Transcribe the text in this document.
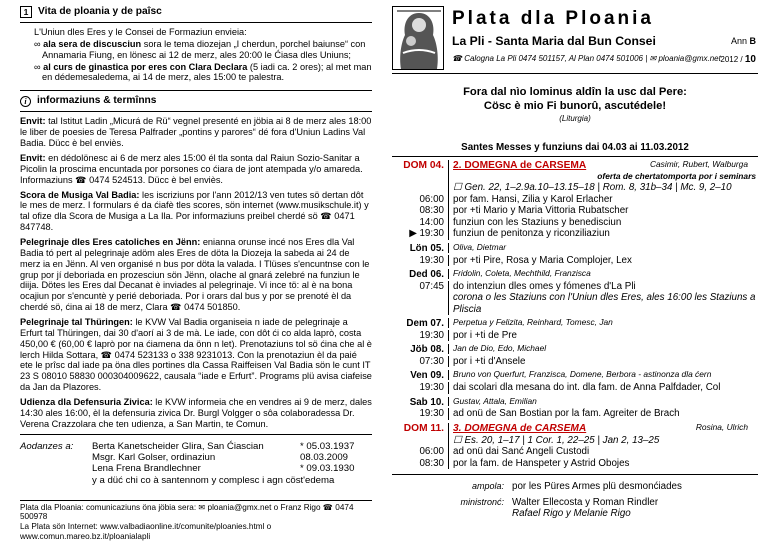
1 Vita de ploania y de paîsc
L'Uniun dles Eres y le Consei de Formaziun envieia:
∞ ala sera de discusciun sora le tema diozejan „I cherdun, porchel baiunse“ con Annamaria Fiung, en lönesc ai 12 de merz, ales 20:00 le Ćiasa dles Uniuns;
∞ al curs de ginastica por eres con Clara Declara (5 iadi ca. 2 ores); al met man en dédemesaledema, ai 14 de merz, ales 15:00 te palestra.
i	informaziuns & termînns
Envit: tal Istitut Ladin „Micurá de Rü“ vegnel presenté en jöbia ai 8 de merz ales 18:00 le liber de poesies de Teresa Palfrader „pontins y parores“ dé fora d'Uniun Ladins Val Badia. Dücc è bel enviès.
Envit: en dédolönesc ai 6 de merz ales 15:00 él tla sonta dal Raiun Sozio-Sanitar a Picolin la proscima encuntada por porsones co ćiara de jont atempada y/o amareda. Informaziuns ☎ 0474 524513. Dücc è bel enviès.
Scora de Musiga Val Badia: les iscriziuns por l'ann 2012/13 ven tutes sö dertan dôt le mes de merz. I formulars é da ćiafè tles scores, sön internet (www.musikschule.it) y tal ofize dla Scora de Musiga a La Ila. Por informaziuns preibel cherdé sö ☎ 0471 847748.
Pelegrinaje dles Eres catoliches en Jënn: enianna orunse incé nos Eres dla Val Badia tó pert al pelegrinaje adöm ales Eres de döta la Diozeja la sabeda ai 24 de merz ia en Jënn. Al ven organisé n bus por döta la valada. I Tlüses s'encuntnse con le grup por jí deboriada en prozesciun sön Jënn, olache al gnará zelebré na funziun le diija. Dötes les Eres dal Decanat è inviades al pelegrinaje. Vi ince tö: al è na bona ocajiun por s'encuntè y perié deboriada. Por i orars dal bus y por se prenoté èl da cherdé sö, ćina ai 18 de merz, Clara ☎ 0474 501850.
Pelegrinaje tal Thüringen: le KVW Val Badia organiseia n iade de pelegrinaje a Erfurt tal Thüringen, dai 30 d'aorí ai 3 de mà. Le iade, con dôt ći co alda laprò, costa 450,00 € (60,00 € laprò por na ćiamena da önn n let). Prenotaziuns tol sö ćina che al è lerch Hilda Sottara, ☎ 0474 523133 o 338 9231013. Con la prenotaziun èl da paié ete le prîsc dal iade pa öna dles portines dla Cassa Raiffeisen Val Badia sön le cunt IT 23 S 08010 58830 000304009622, causala “iade e Erfurt”. Programs plü avisa ciafeise da Jan da Plazores.
Udienza dla Defensuria Zivica: le KVW informeia che en vendres ai 9 de merz, dales 14:30 ales 16:00, èl la defensuria zivica Dr. Burgl Volgger o sôa colaboradessa Dr. Verena Crazzolara che ten udienza, a San Martin, te Comun.
Aodanzes a:	Berta Kanetscheider Glira, San Ćiascian	* 05.03.1937
Msgr. Karl Golser, ordinaziun	08.03.2009
Lena Frena Brandlechner	* 09.03.1930
y a düć chi co à santennom y complesc i agn cöst'edema
Plata dla Ploania: comunicaziuns öna jöbia sera: ✉ ploania@gmx.net o Franz Rigo ☎ 0474 500978
La Plata sön Internet: www.valbadiaonline.it/comunite/ploanies.html o www.comun.mareo.bz.it/ploanialapli
Plata dla Ploania
La Pli - Santa Maria dal Bun Consei	Ann B
☎ Calogna La Pli 0474 501157, Al Plan 0474 501006 | ✉ ploania@gmx.net 2012 / 10
Fora dal nìo lominus aldîn la usc dal Pere:
Cösc è mio Fi bunorû, ascutédele!
(Liturgia)
Santes Messes y funziuns dai 04.03 ai 11.03.2012
DOM 04. 2. DOMEGNA de CARSEMA	Casimir, Rubert, Walburga
oferta de chertatomporta por i seminars
☐ Gen. 22, 1–2.9a.10–13.15–18 | Rom. 8, 31b–34 | Mc. 9, 2–10
06:00 por fam. Hansi, Zilia y Karol Erlacher
08:30 por +ti Mario y Maria Vittoria Rubatscher
14:00 funziun con les Staziuns y benedisciun
▶ 19:30 funziun de penitonza y riconziliaziun
Lön 05.	Oliva, Dietmar
19:30 por +ti Pire, Rosa y Maria Complojer, Lex
Ded 06.	Fridolin, Coleta, Mechthild, Franzisca
07:45 do intenziun dles omes y fómenes d'La Pli
corona o les Staziuns con l'Uniun dles Eres, ales 16:00 les Staziuns a Pliscia
Dem 07.	Perpetua y Felizita, Reinhard, Tomesc, Jan
19:30 por i +ti de Pre
Jöb 08.	Jan de Dio, Edo, Michael
07:30 por i +ti d'Ansele
Ven 09.	Bruno von Querfurt, Franzisca, Domene, Berbora - astinonza dla ćern
19:30 dai scolari dla mesana do int. dla fam. de Anna Palfdader, Col
Sab 10.	Gustav, Attala, Emilian
19:30 ad onü de San Bostian por la fam. Agreiter de Brach
DOM 11. 3. DOMEGNA de CARSEMA	Rosina, Ulrich
☐ Es. 20, 1–17 | 1 Cor. 1, 22–25 | Jan 2, 13–25
06:00 ad onü dai Sanć Angeli Custodi
08:30 por la fam. de Hanspeter y Astrid Obojes
ampola: por les Püres Armes plü desmonćiades
ministronć: Walter Ellecosta y Roman Rindler
Rafael Rigo y Melanie Rigo
